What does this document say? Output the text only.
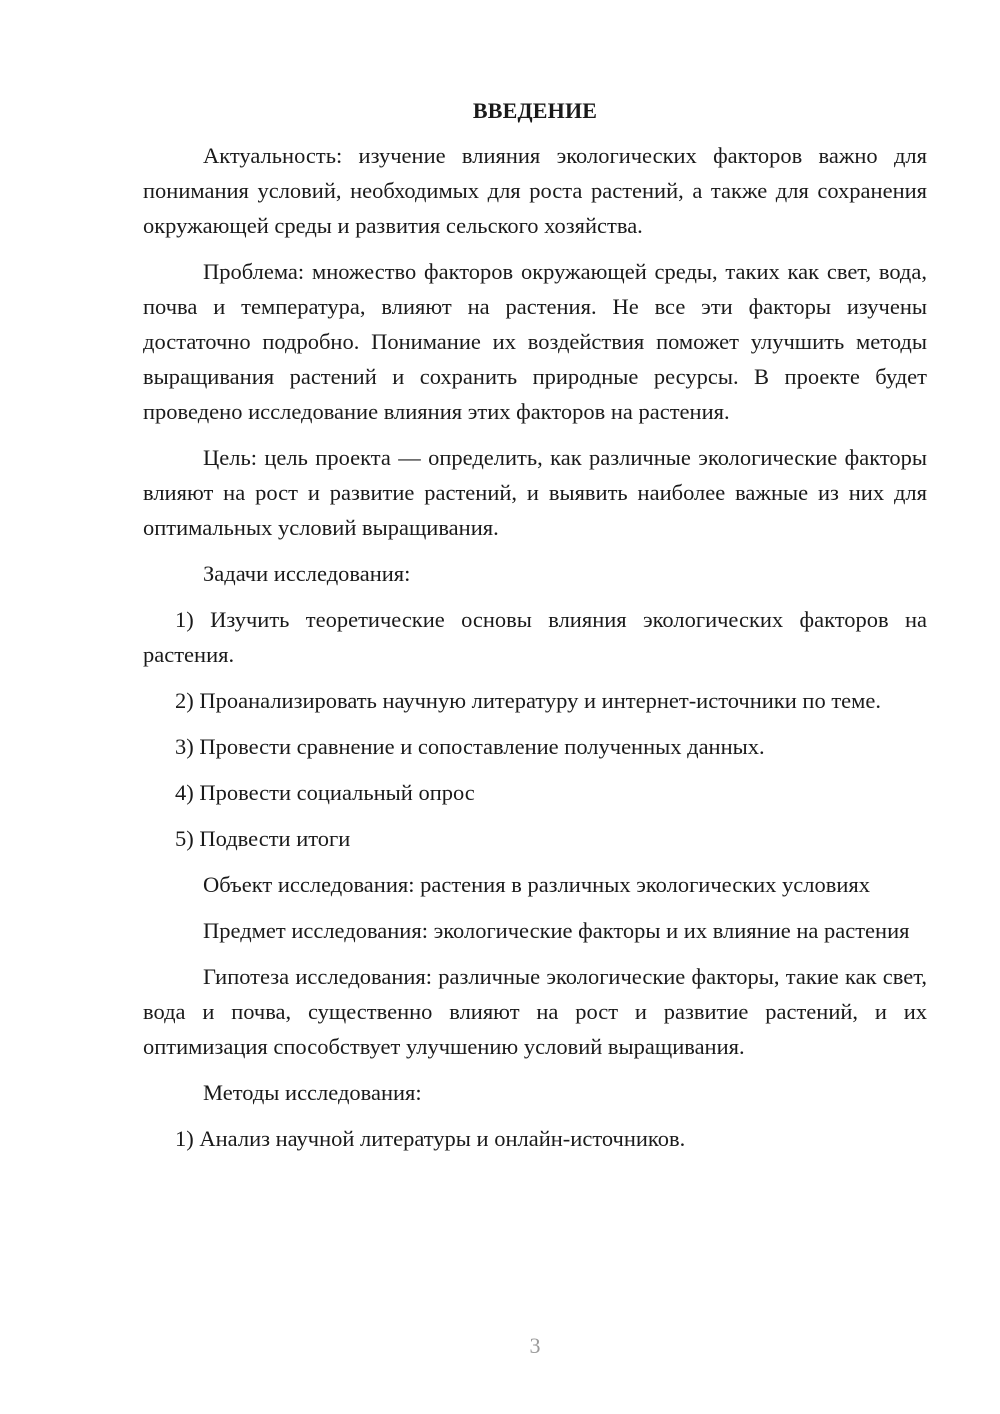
ВВЕДЕНИЕ
Актуальность: изучение влияния экологических факторов важно для понимания условий, необходимых для роста растений, а также для сохранения окружающей среды и развития сельского хозяйства.
Проблема: множество факторов окружающей среды, таких как свет, вода, почва и температура, влияют на растения. Не все эти факторы изучены достаточно подробно. Понимание их воздействия поможет улучшить методы выращивания растений и сохранить природные ресурсы. В проекте будет проведено исследование влияния этих факторов на растения.
Цель: цель проекта — определить, как различные экологические факторы влияют на рост и развитие растений, и выявить наиболее важные из них для оптимальных условий выращивания.
Задачи исследования:
1) Изучить теоретические основы влияния экологических факторов на растения.
2) Проанализировать научную литературу и интернет-источники по теме.
3) Провести сравнение и сопоставление полученных данных.
4) Провести социальный опрос
5) Подвести итоги
Объект исследования: растения в различных экологических условиях
Предмет исследования: экологические факторы и их влияние на растения
Гипотеза исследования: различные экологические факторы, такие как свет, вода и почва, существенно влияют на рост и развитие растений, и их оптимизация способствует улучшению условий выращивания.
Методы исследования:
1) Анализ научной литературы и онлайн-источников.
3
